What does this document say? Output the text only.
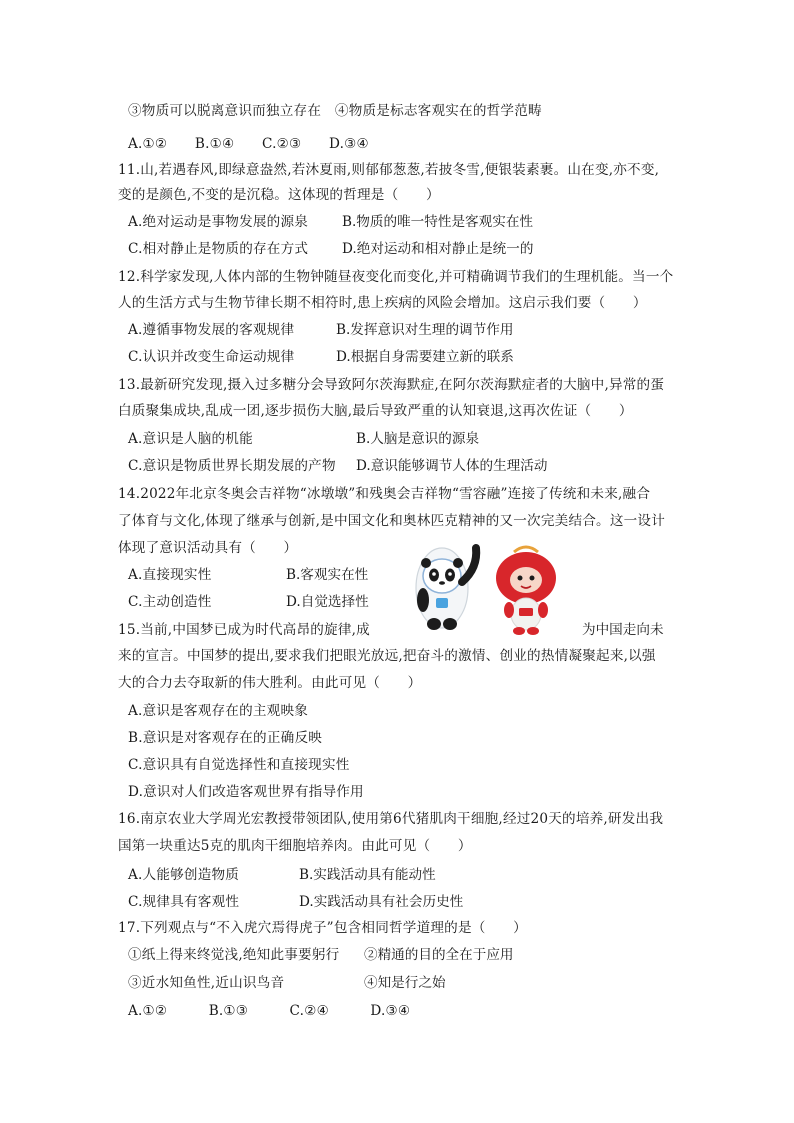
③物质可以脱离意识而独立存在　④物质是标志客观实在的哲学范畴
A.①②　　B.①④　　C.②③　　D.③④
11.山,若遇春风,即绿意盎然,若沐夏雨,则郁郁葱葱,若披冬雪,便银装素裹。山在变,亦不变,
变的是颜色,不变的是沉稳。这体现的哲理是（　　）
A.绝对运动是事物发展的源泉 B.物质的唯一特性是客观实在性
C.相对静止是物质的存在方式 D.绝对运动和相对静止是统一的
12.科学家发现,人体内部的生物钟随昼夜变化而变化,并可精确调节我们的生理机能。当一个
人的生活方式与生物节律长期不相符时,患上疾病的风险会增加。这启示我们要（　　）
A.遵循事物发展的客观规律	B.发挥意识对生理的调节作用
C.认识并改变生命运动规律	D.根据自身需要建立新的联系
13.最新研究发现,摄入过多糖分会导致阿尔茨海默症,在阿尔茨海默症者的大脑中,异常的蛋
白质聚集成块,乱成一团,逐步损伤大脑,最后导致严重的认知衰退,这再次佐证（　　）
A.意识是人脑的机能	B.人脑是意识的源泉
C.意识是物质世界长期发展的产物 D.意识能够调节人体的生理活动
14.2022年北京冬奥会吉祥物“冰墩墩”和残奥会吉祥物“雪容融”连接了传统和未来,融合
了体育与文化,体现了继承与创新,是中国文化和奥林匹克精神的又一次完美结合。这一设计
体现了意识活动具有（　　）
A.直接现实性	B.客观实在性
C.主动创造性	D.自觉选择性
15.当前,中国梦已成为时代高昂的旋律,成	为中国走向未
来的宣言。中国梦的提出,要求我们把眼光放远,把奋斗的激情、创业的热情凝聚起来,以强
大的合力去夺取新的伟大胜利。由此可见（　　）
A.意识是客观存在的主观映象
B.意识是对客观存在的正确反映
C.意识具有自觉选择性和直接现实性
D.意识对人们改造客观世界有指导作用
16.南京农业大学周光宏教授带领团队,使用第6代猪肌肉干细胞,经过20天的培养,研发出我
国第一块重达5克的肌肉干细胞培养肉。由此可见（　　）
A.人能够创造物质	B.实践活动具有能动性
C.规律具有客观性	D.实践活动具有社会历史性
17.下列观点与“不入虎穴焉得虎子”包含相同哲学道理的是（　　）
①纸上得来终觉浅,绝知此事要躬行 ②精通的目的全在于应用
③近水知鱼性,近山识鸟音	④知是行之始
A.①②　　　B.①③　　　C.②④　　　D.③④
